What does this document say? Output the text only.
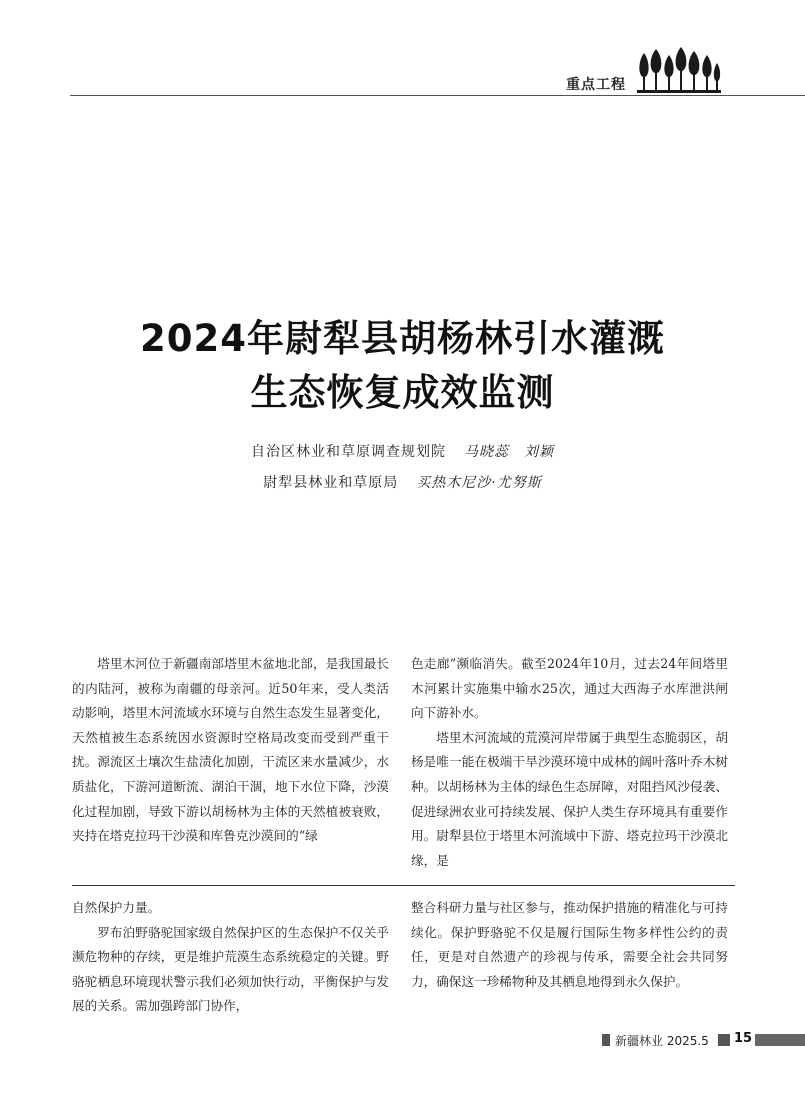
重点工程
2024年尉犁县胡杨林引水灌溉
生态恢复成效监测
自治区林业和草原调查规划院 马晓蕊　刘颖
尉犁县林业和草原局 买热木尼沙·尤努斯

塔里木河位于新疆南部塔里木盆地北部，是我国最长的内陆河，被称为南疆的母亲河。近50年来，受人类活动影响，塔里木河流域水环境与自然生态发生显著变化，天然植被生态系统因水资源时空格局改变而受到严重干扰。源流区土壤次生盐渍化加剧，干流区来水量减少，水质盐化，下游河道断流、湖泊干涸，地下水位下降，沙漠化过程加剧，导致下游以胡杨林为主体的天然植被衰败，夹持在塔克拉玛干沙漠和库鲁克沙漠间的“绿

色走廊”濒临消失。截至2024年10月，过去24年间塔里木河累计实施集中输水25次，通过大西海子水库泄洪闸向下游补水。

塔里木河流域的荒漠河岸带属于典型生态脆弱区，胡杨是唯一能在极端干旱沙漠环境中成林的阔叶落叶乔木树种。以胡杨林为主体的绿色生态屏障，对阻挡风沙侵袭、促进绿洲农业可持续发展、保护人类生存环境具有重要作用。尉犁县位于塔里木河流域中下游、塔克拉玛干沙漠北缘，是

自然保护力量。

罗布泊野骆驼国家级自然保护区的生态保护不仅关乎濒危物种的存续，更是维护荒漠生态系统稳定的关键。野骆驼栖息环境现状警示我们必须加快行动，平衡保护与发展的关系。需加强跨部门协作，

整合科研力量与社区参与，推动保护措施的精准化与可持续化。保护野骆驼不仅是履行国际生物多样性公约的责任，更是对自然遗产的珍视与传承，需要全社会共同努力，确保这一珍稀物种及其栖息地得到永久保护。

新疆林业 2025.5 15
